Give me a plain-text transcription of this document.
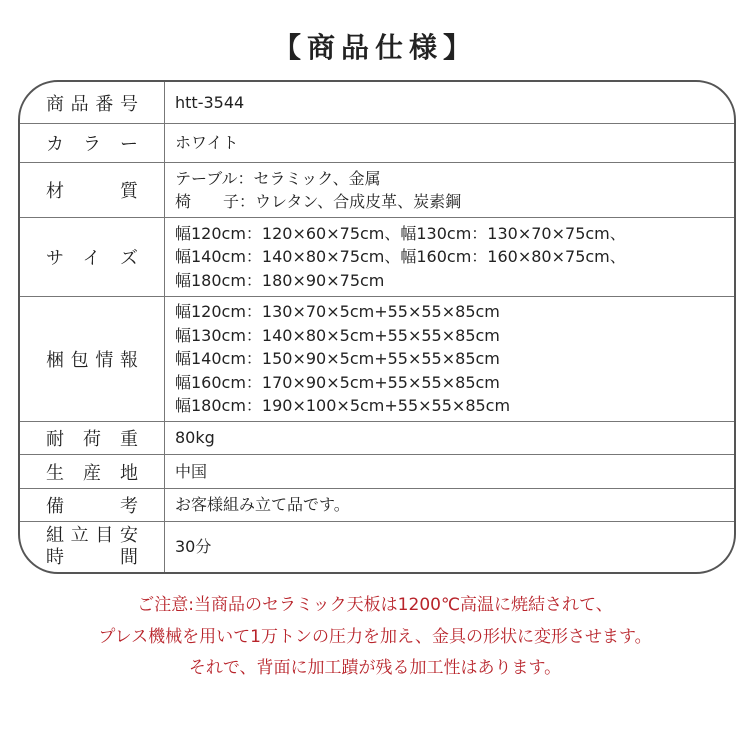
【商品仕様】
商品番号 htt-3544
カラー ホワイト
材質
テーブル：セラミック、金属
椅　　子：ウレタン、合成皮革、炭素鋼
サイズ
幅120cm：120×60×75cm、幅130cm：130×70×75cm、
幅140cm：140×80×75cm、幅160cm：160×80×75cm、
幅180cm：180×90×75cm
梱包情報
幅120cm：130×70×5cm+55×55×85cm
幅130cm：140×80×5cm+55×55×85cm
幅140cm：150×90×5cm+55×55×85cm
幅160cm：170×90×5cm+55×55×85cm
幅180cm：190×100×5cm+55×55×85cm
耐荷重 80kg
生産地 中国
備考 お客様組み立て品です。
組立目安
時間
30分
ご注意:当商品のセラミック天板は1200℃高温に焼結されて、
プレス機械を用いて1万トンの圧力を加え、金具の形状に変形させます。
それで、背面に加工蹟が残る加工性はあります。
